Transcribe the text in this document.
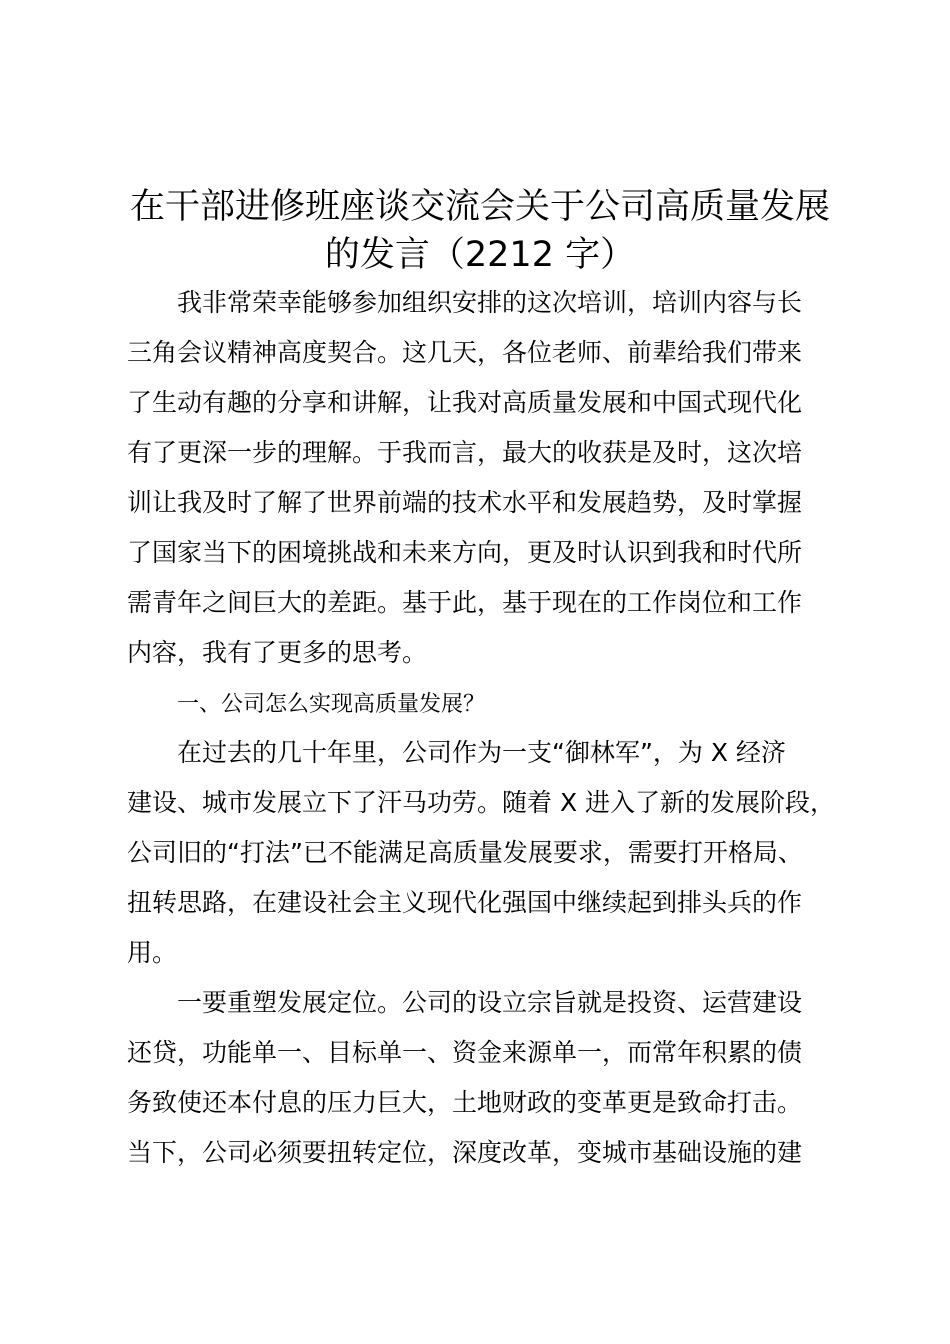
在干部进修班座谈交流会关于公司高质量发展
的发言（2212 字）
我非常荣幸能够参加组织安排的这次培训，培训内容与长
三角会议精神高度契合。这几天，各位老师、前辈给我们带来
了生动有趣的分享和讲解，让我对高质量发展和中国式现代化
有了更深一步的理解。于我而言，最大的收获是及时，这次培
训让我及时了解了世界前端的技术水平和发展趋势，及时掌握
了国家当下的困境挑战和未来方向，更及时认识到我和时代所
需青年之间巨大的差距。基于此，基于现在的工作岗位和工作
内容，我有了更多的思考。
一、公司怎么实现高质量发展？
在过去的几十年里，公司作为一支“御林军”，为 X 经济
建设、城市发展立下了汗马功劳。随着 X 进入了新的发展阶段，
公司旧的“打法”已不能满足高质量发展要求，需要打开格局、
扭转思路，在建设社会主义现代化强国中继续起到排头兵的作
用。
一要重塑发展定位。公司的设立宗旨就是投资、运营建设
还贷，功能单一、目标单一、资金来源单一，而常年积累的债
务致使还本付息的压力巨大，土地财政的变革更是致命打击。
当下，公司必须要扭转定位，深度改革，变城市基础设施的建
